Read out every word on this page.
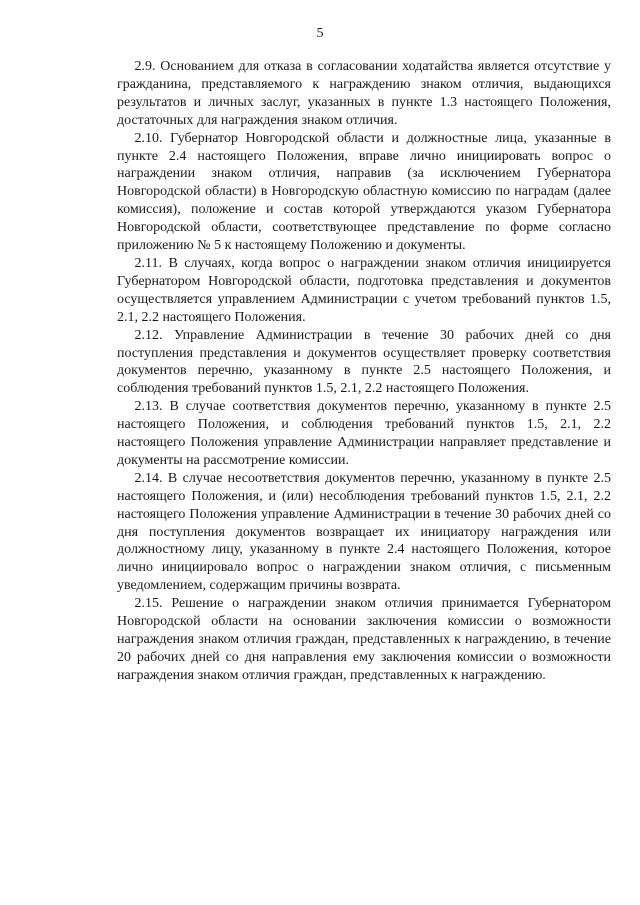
5

2.9. Основанием для отказа в согласовании ходатайства является отсутствие у гражданина, представляемого к награждению знаком отличия, выдающихся результатов и личных заслуг, указанных в пункте 1.3 настоящего Положения, достаточных для награждения знаком отличия.

2.10. Губернатор Новгородской области и должностные лица, указанные в пункте 2.4 настоящего Положения, вправе лично инициировать вопрос о награждении знаком отличия, направив (за исключением Губернатора Новгородской области) в Новгородскую областную комиссию по наградам (далее комиссия), положение и состав которой утверждаются указом Губернатора Новгородской области, соответствующее представление по форме согласно приложению № 5 к настоящему Положению и документы.

2.11. В случаях, когда вопрос о награждении знаком отличия инициируется Губернатором Новгородской области, подготовка представления и документов осуществляется управлением Администрации с учетом требований пунктов 1.5, 2.1, 2.2 настоящего Положения.

2.12. Управление Администрации в течение 30 рабочих дней со дня поступления представления и документов осуществляет проверку соответствия документов перечню, указанному в пункте 2.5 настоящего Положения, и соблюдения требований пунктов 1.5, 2.1, 2.2 настоящего Положения.

2.13. В случае соответствия документов перечню, указанному в пункте 2.5 настоящего Положения, и соблюдения требований пунктов 1.5, 2.1, 2.2 настоящего Положения управление Администрации направляет представление и документы на рассмотрение комиссии.

2.14. В случае несоответствия документов перечню, указанному в пункте 2.5 настоящего Положения, и (или) несоблюдения требований пунктов 1.5, 2.1, 2.2 настоящего Положения управление Администрации в течение 30 рабочих дней со дня поступления документов возвращает их инициатору награждения или должностному лицу, указанному в пункте 2.4 настоящего Положения, которое лично инициировало вопрос о награждении знаком отличия, с письменным уведомлением, содержащим причины возврата.

2.15. Решение о награждении знаком отличия принимается Губернатором Новгородской области на основании заключения комиссии о возможности награждения знаком отличия граждан, представленных к награждению, в течение 20 рабочих дней со дня направления ему заключения комиссии о возможности награждения знаком отличия граждан, представленных к награждению.
